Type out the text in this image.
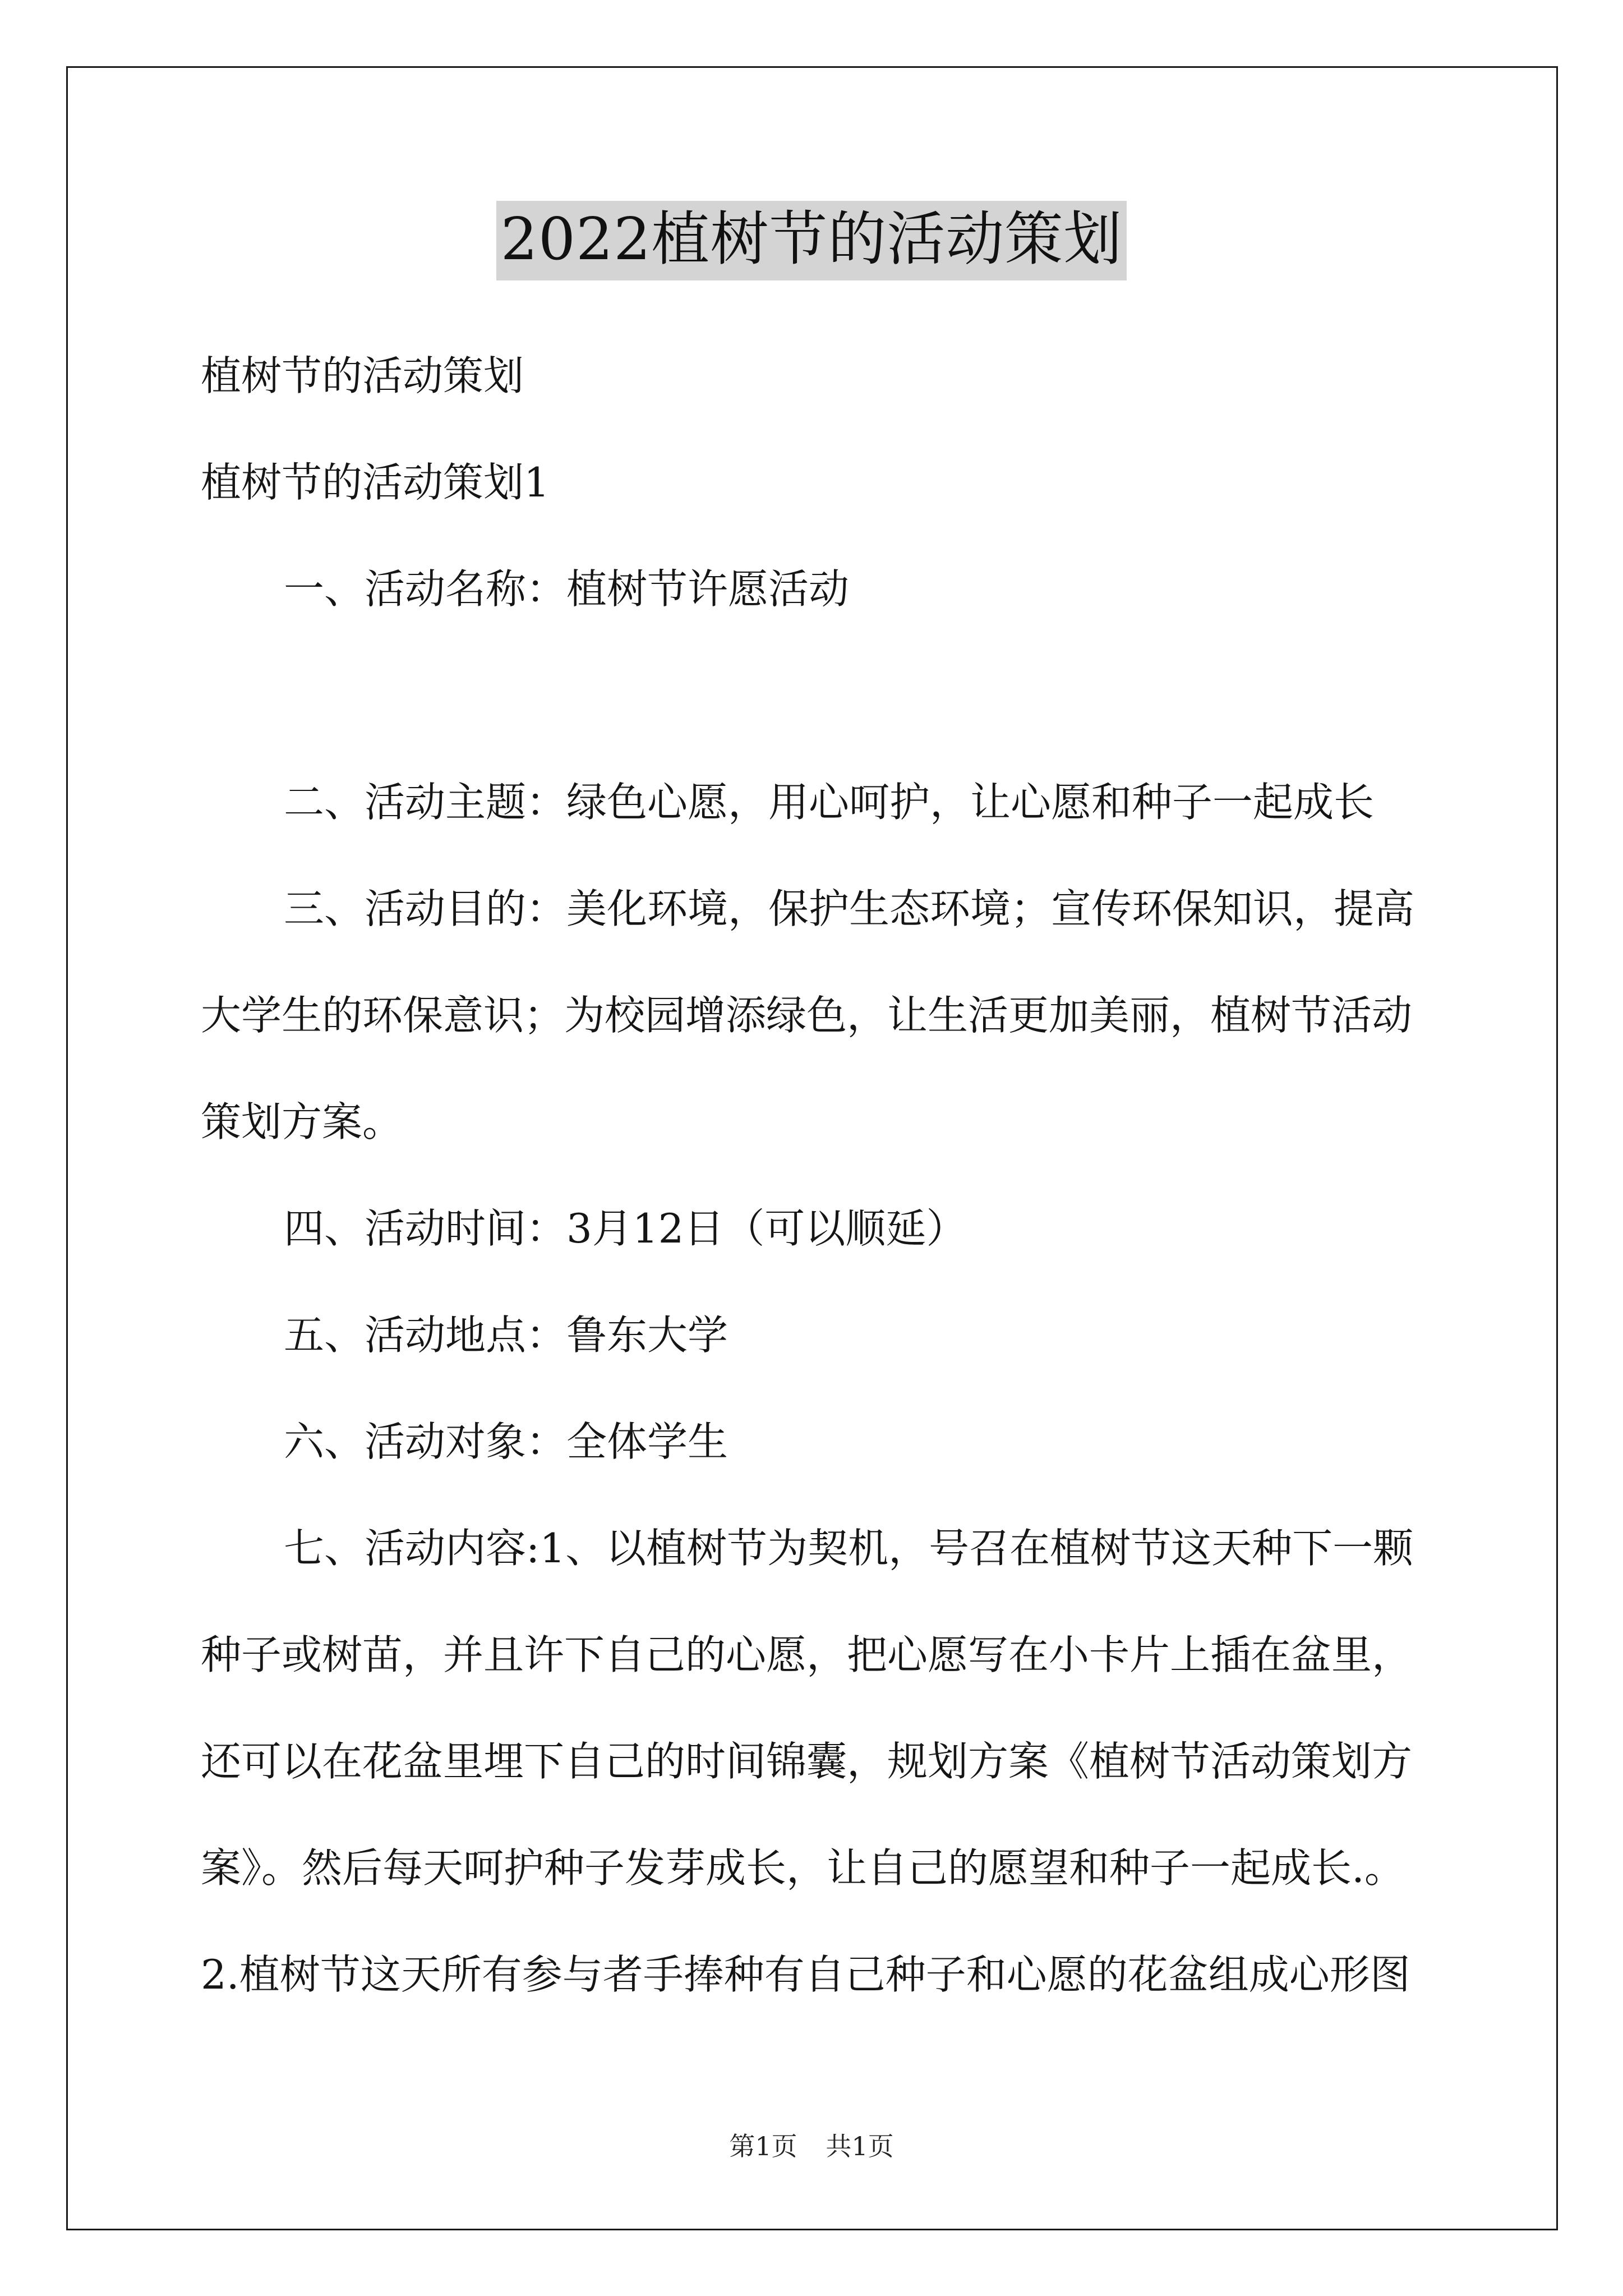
2022植树节的活动策划
植树节的活动策划
植树节的活动策划1
一、活动名称：植树节许愿活动
二、活动主题：绿色心愿，用心呵护，让心愿和种子一起成长
三、活动目的：美化环境，保护生态环境；宣传环保知识，提高
大学生的环保意识；为校园增添绿色，让生活更加美丽，植树节活动
策划方案。
四、活动时间：3月12日（可以顺延）
五、活动地点：鲁东大学
六、活动对象：全体学生
七、活动内容:1、以植树节为契机，号召在植树节这天种下一颗
种子或树苗，并且许下自己的心愿，把心愿写在小卡片上插在盆里，
还可以在花盆里埋下自己的时间锦囊，规划方案《植树节活动策划方
案》。然后每天呵护种子发芽成长，让自己的愿望和种子一起成长.。
2.植树节这天所有参与者手捧种有自己种子和心愿的花盆组成心形图
第1页 共1页
